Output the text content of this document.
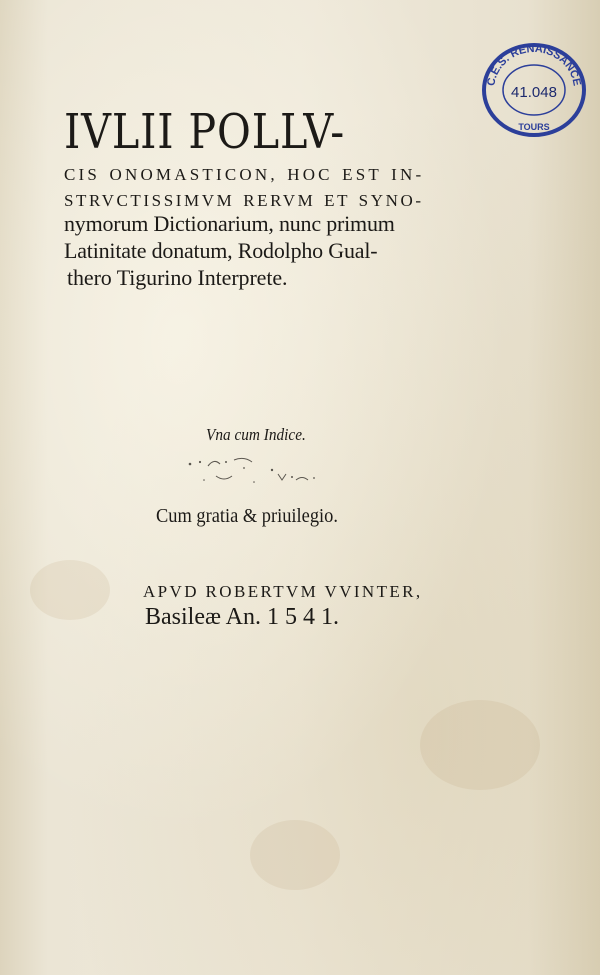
IVLII POLLV-
CIS ONOMASTICON, HOC EST IN-
STRVCTISSIMVM RERVM ET SYNO-
nymorum Dictionarium, nunc primum
Latinitate donatum, Rodolpho Gual-
thero Tigurino Interprete.
Vna cum Indice.
Cum gratia & priuilegio.
APVD ROBERTVM VVINTER,
Basileæ An. 1 5 4 1.
C.E.S. RENAISSANCE
TOURS
41.048
